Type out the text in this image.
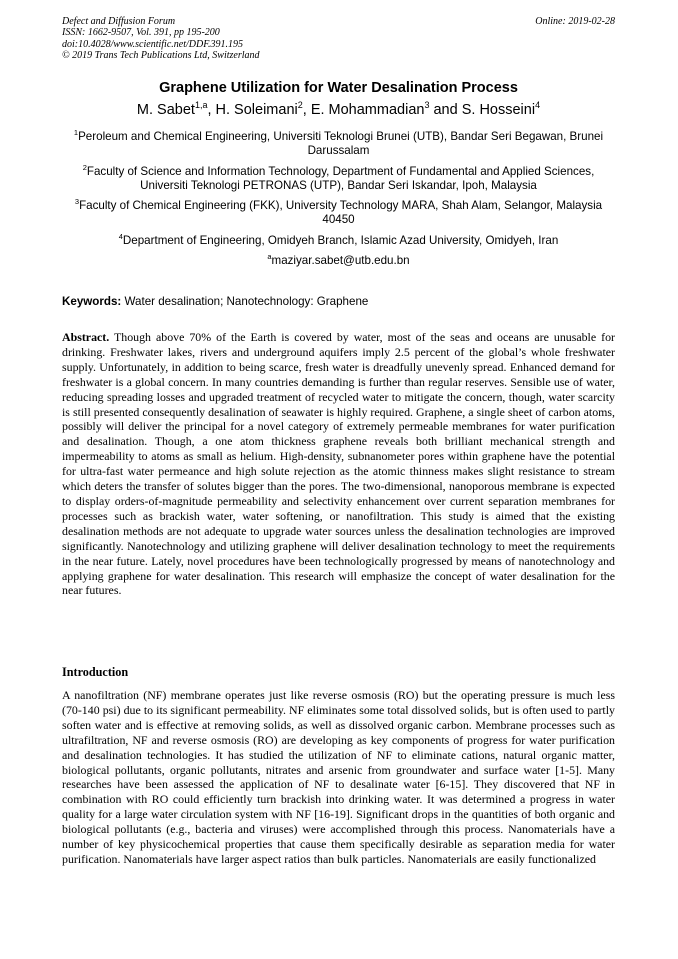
Defect and Diffusion Forum
ISSN: 1662-9507, Vol. 391, pp 195-200
doi:10.4028/www.scientific.net/DDF.391.195
© 2019 Trans Tech Publications Ltd, Switzerland
Online: 2019-02-28
Graphene Utilization for Water Desalination Process
M. Sabet$^{1,a}$, H. Soleimani$^2$, E. Mohammadian$^3$ and S. Hosseini$^4$

$^1$Peroleum and Chemical Engineering, Universiti Teknologi Brunei (UTB), Bandar Seri Begawan, Brunei Darussalam

$^2$Faculty of Science and Information Technology, Department of Fundamental and Applied Sciences, Universiti Teknologi PETRONAS (UTP), Bandar Seri Iskandar, Ipoh, Malaysia

$^3$Faculty of Chemical Engineering (FKK), University Technology MARA, Shah Alam, Selangor, Malaysia 40450

$^4$Department of Engineering, Omidyeh Branch, Islamic Azad University, Omidyeh, Iran

$^a$maziyar.sabet@utb.edu.bn

Keywords: Water desalination; Nanotechnology: Graphene

Abstract. Though above 70% of the Earth is covered by water, most of the seas and oceans are unusable for drinking. Freshwater lakes, rivers and underground aquifers imply 2.5 percent of the global’s whole freshwater supply. Unfortunately, in addition to being scarce, fresh water is dreadfully unevenly spread. Enhanced demand for freshwater is a global concern. In many countries demanding is further than regular reserves. Sensible use of water, reducing spreading losses and upgraded treatment of recycled water to mitigate the concern, though, water scarcity is still presented consequently desalination of seawater is highly required. Graphene, a single sheet of carbon atoms, possibly will deliver the principal for a novel category of extremely permeable membranes for water purification and desalination. Though, a one atom thickness graphene reveals both brilliant mechanical strength and impermeability to atoms as small as helium. High-density, subnanometer pores within graphene have the potential for ultra-fast water permeance and high solute rejection as the atomic thinness makes slight resistance to stream which deters the transfer of solutes bigger than the pores. The two-dimensional, nanoporous membrane is expected to display orders-of-magnitude permeability and selectivity enhancement over current separation membranes for processes such as brackish water, water softening, or nanofiltration. This study is aimed that the existing desalination methods are not adequate to upgrade water sources unless the desalination technologies are improved significantly. Nanotechnology and utilizing graphene will deliver desalination technology to meet the requirements in the near future. Lately, novel procedures have been technologically progressed by means of nanotechnology and applying graphene for water desalination. This research will emphasize the concept of water desalination for the near futures.

Introduction

A nanofiltration (NF) membrane operates just like reverse osmosis (RO) but the operating pressure is much less (70-140 psi) due to its significant permeability. NF eliminates some total dissolved solids, but is often used to partly soften water and is effective at removing solids, as well as dissolved organic carbon. Membrane processes such as ultrafiltration, NF and reverse osmosis (RO) are developing as key components of progress for water purification and desalination technologies. It has studied the utilization of NF to eliminate cations, natural organic matter, biological pollutants, organic pollutants, nitrates and arsenic from groundwater and surface water [1-5]. Many researches have been assessed the application of NF to desalinate water [6-15]. They discovered that NF in combination with RO could efficiently turn brackish into drinking water. It was determined a progress in water quality for a large water circulation system with NF [16-19]. Significant drops in the quantities of both organic and biological pollutants (e.g., bacteria and viruses) were accomplished through this process. Nanomaterials have a number of key physicochemical properties that cause them specifically desirable as separation media for water purification. Nanomaterials have larger aspect ratios than bulk particles. Nanomaterials are easily functionalized
